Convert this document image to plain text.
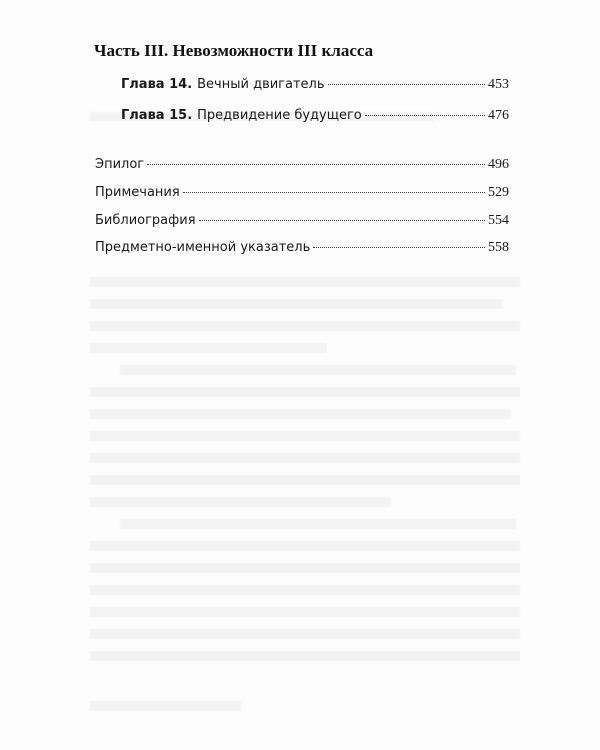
Часть III. Невозможности III класса
Глава 14. Вечный двигатель	453
Глава 15. Предвидение будущего	476
Эпилог	496
Примечания	529
Библиография	554
Предметно-именной указатель	558
